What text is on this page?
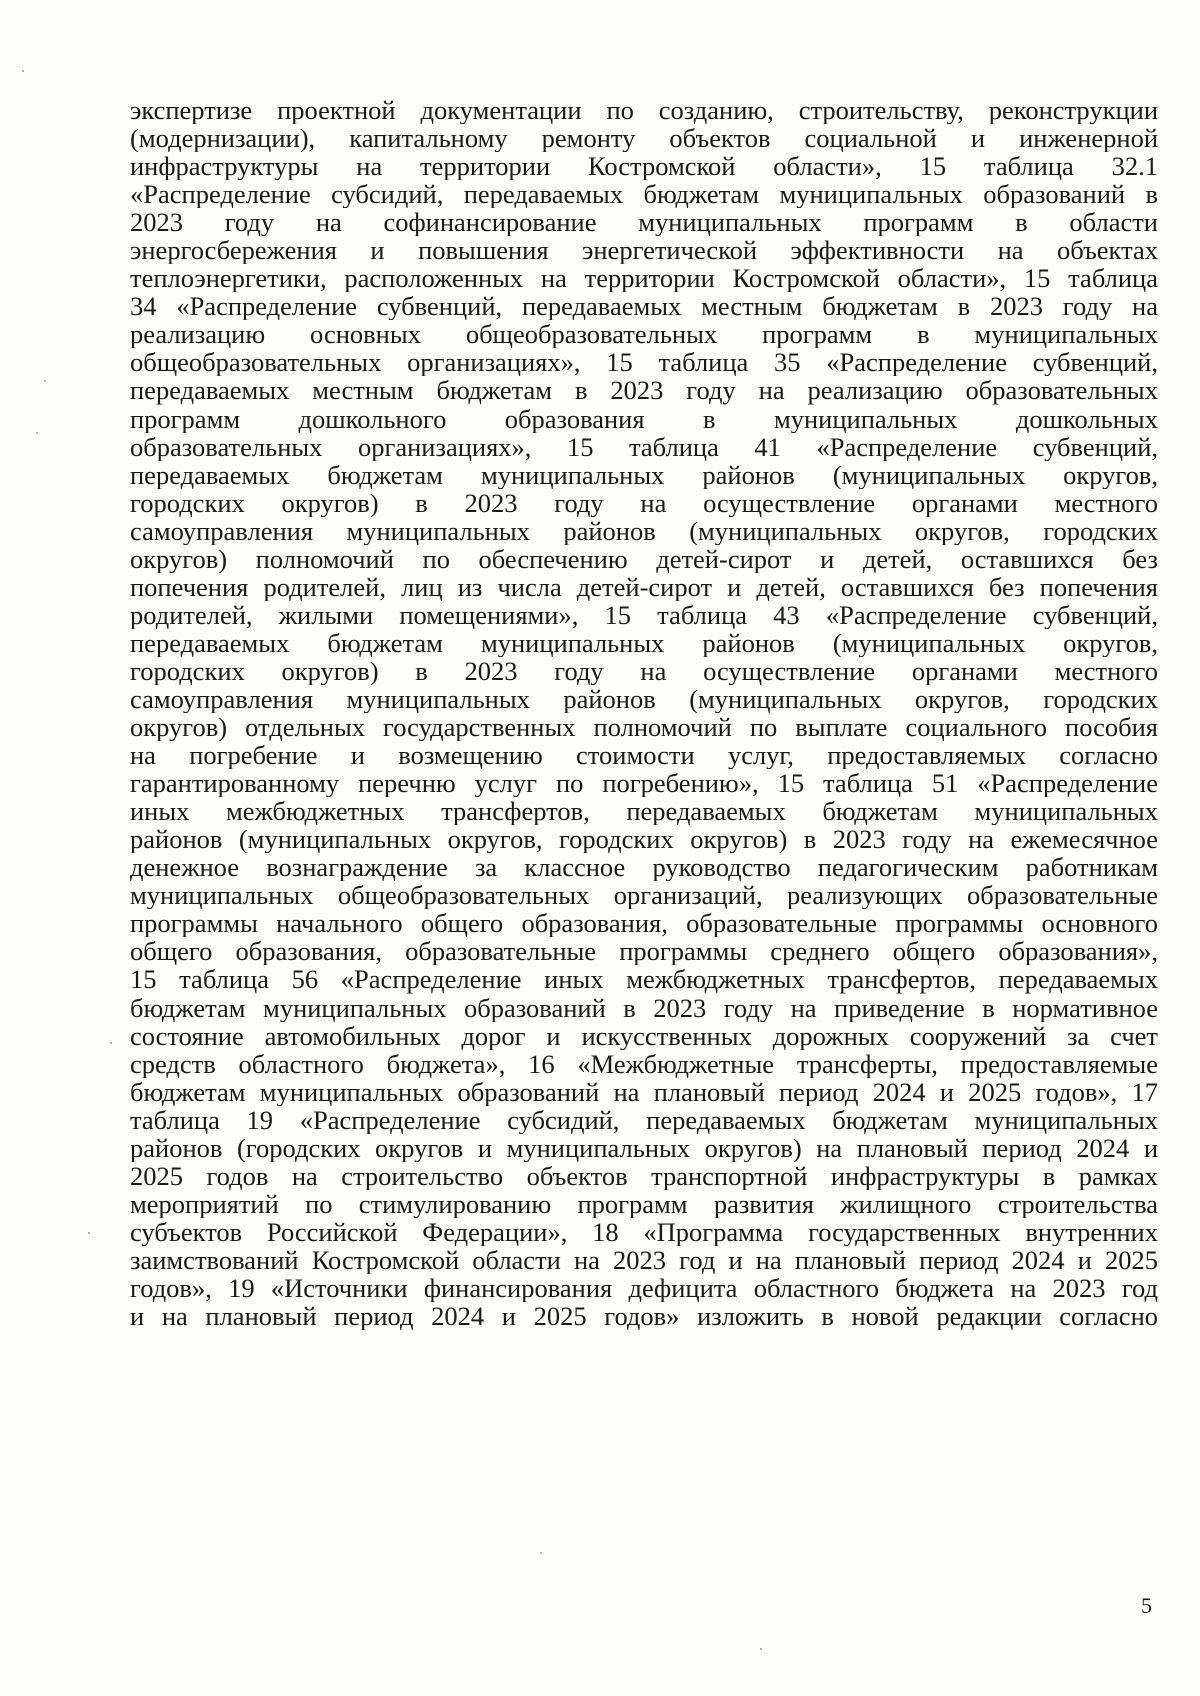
экспертизе проектной документации по созданию, строительству, реконструкции
(модернизации), капитальному ремонту объектов социальной и инженерной
инфраструктуры на территории Костромской области», 15 таблица 32.1
«Распределение субсидий, передаваемых бюджетам муниципальных образований в
2023 году на софинансирование муниципальных программ в области
энергосбережения и повышения энергетической эффективности на объектах
теплоэнергетики, расположенных на территории Костромской области», 15 таблица
34 «Распределение субвенций, передаваемых местным бюджетам в 2023 году на
реализацию основных общеобразовательных программ в муниципальных
общеобразовательных организациях», 15 таблица 35 «Распределение субвенций,
передаваемых местным бюджетам в 2023 году на реализацию образовательных
программ дошкольного образования в муниципальных дошкольных
образовательных организациях», 15 таблица 41 «Распределение субвенций,
передаваемых бюджетам муниципальных районов (муниципальных округов,
городских округов) в 2023 году на осуществление органами местного
самоуправления муниципальных районов (муниципальных округов, городских
округов) полномочий по обеспечению детей-сирот и детей, оставшихся без
попечения родителей, лиц из числа детей-сирот и детей, оставшихся без попечения
родителей, жилыми помещениями», 15 таблица 43 «Распределение субвенций,
передаваемых бюджетам муниципальных районов (муниципальных округов,
городских округов) в 2023 году на осуществление органами местного
самоуправления муниципальных районов (муниципальных округов, городских
округов) отдельных государственных полномочий по выплате социального пособия
на погребение и возмещению стоимости услуг, предоставляемых согласно
гарантированному перечню услуг по погребению», 15 таблица 51 «Распределение
иных межбюджетных трансфертов, передаваемых бюджетам муниципальных
районов (муниципальных округов, городских округов) в 2023 году на ежемесячное
денежное вознаграждение за классное руководство педагогическим работникам
муниципальных общеобразовательных организаций, реализующих образовательные
программы начального общего образования, образовательные программы основного
общего образования, образовательные программы среднего общего образования»,
15 таблица 56 «Распределение иных межбюджетных трансфертов, передаваемых
бюджетам муниципальных образований в 2023 году на приведение в нормативное
состояние автомобильных дорог и искусственных дорожных сооружений за счет
средств областного бюджета», 16 «Межбюджетные трансферты, предоставляемые
бюджетам муниципальных образований на плановый период 2024 и 2025 годов», 17
таблица 19 «Распределение субсидий, передаваемых бюджетам муниципальных
районов (городских округов и муниципальных округов) на плановый период 2024 и
2025 годов на строительство объектов транспортной инфраструктуры в рамках
мероприятий по стимулированию программ развития жилищного строительства
субъектов Российской Федерации», 18 «Программа государственных внутренних
заимствований Костромской области на 2023 год и на плановый период 2024 и 2025
годов», 19 «Источники финансирования дефицита областного бюджета на 2023 год
и на плановый период 2024 и 2025 годов» изложить в новой редакции согласно
5
